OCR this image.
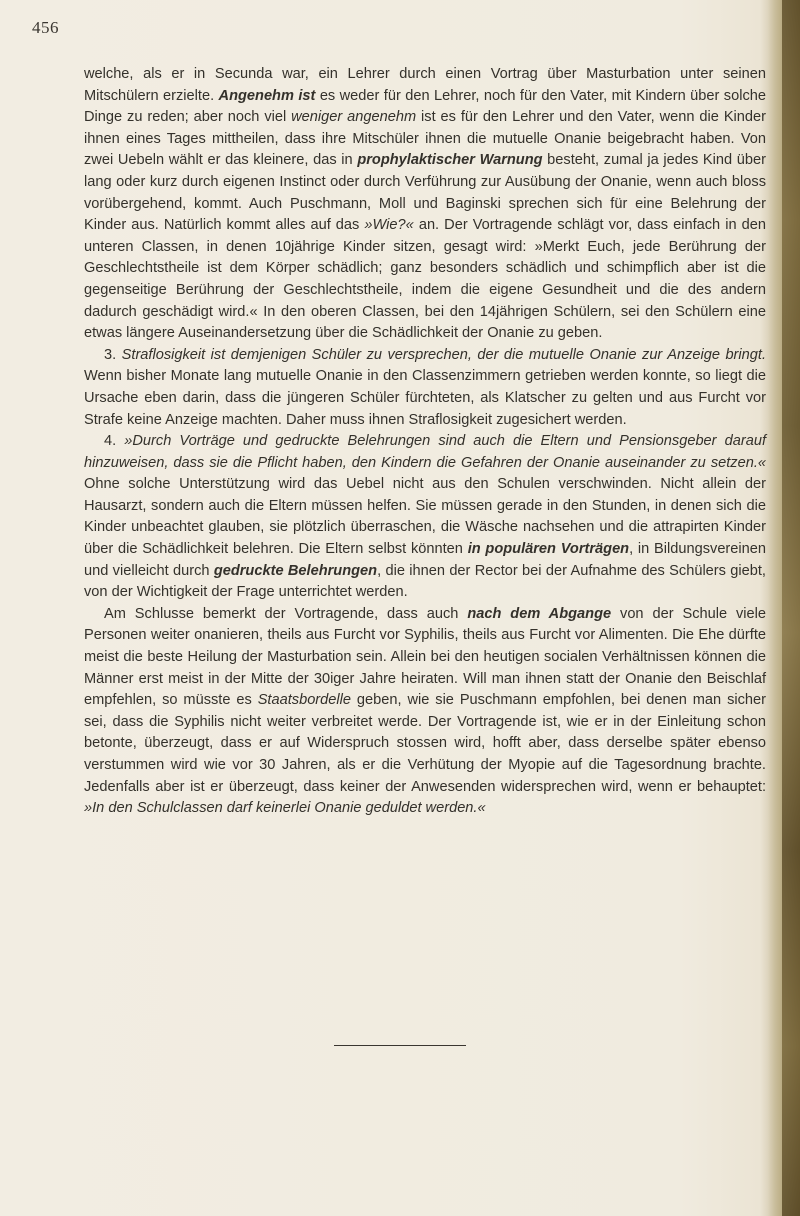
456

welche, als er in Secunda war, ein Lehrer durch einen Vortrag über Masturbation unter seinen Mitschülern erzielte. Angenehm ist es weder für den Lehrer, noch für den Vater, mit Kindern über solche Dinge zu reden; aber noch viel weniger angenehm ist es für den Lehrer und den Vater, wenn die Kinder ihnen eines Tages mittheilen, dass ihre Mitschüler ihnen die mutuelle Onanie beigebracht haben. Von zwei Uebeln wählt er das kleinere, das in prophylaktischer Warnung besteht, zumal ja jedes Kind über lang oder kurz durch eigenen Instinct oder durch Verführung zur Ausübung der Onanie, wenn auch bloss vorübergehend, kommt. Auch Puschmann, Moll und Baginski sprechen sich für eine Belehrung der Kinder aus. Natürlich kommt alles auf das »Wie?« an. Der Vortragende schlägt vor, dass einfach in den unteren Classen, in denen 10jährige Kinder sitzen, gesagt wird: »Merkt Euch, jede Berührung der Geschlechtstheile ist dem Körper schädlich; ganz besonders schädlich und schimpflich aber ist die gegenseitige Berührung der Geschlechtstheile, indem die eigene Gesundheit und die des andern dadurch geschädigt wird.« In den oberen Classen, bei den 14jährigen Schülern, sei den Schülern eine etwas längere Auseinandersetzung über die Schädlichkeit der Onanie zu geben.

3. Straflosigkeit ist demjenigen Schüler zu versprechen, der die mutuelle Onanie zur Anzeige bringt. Wenn bisher Monate lang mutuelle Onanie in den Classenzimmern getrieben werden konnte, so liegt die Ursache eben darin, dass die jüngeren Schüler fürchteten, als Klatscher zu gelten und aus Furcht vor Strafe keine Anzeige machten. Daher muss ihnen Straflosigkeit zugesichert werden.

4. »Durch Vorträge und gedruckte Belehrungen sind auch die Eltern und Pensionsgeber darauf hinzuweisen, dass sie die Pflicht haben, den Kindern die Gefahren der Onanie auseinander zu setzen.« Ohne solche Unterstützung wird das Uebel nicht aus den Schulen verschwinden. Nicht allein der Hausarzt, sondern auch die Eltern müssen helfen. Sie müssen gerade in den Stunden, in denen sich die Kinder unbeachtet glauben, sie plötzlich überraschen, die Wäsche nachsehen und die attrapirten Kinder über die Schädlichkeit belehren. Die Eltern selbst könnten in populären Vorträgen, in Bildungsvereinen und vielleicht durch gedruckte Belehrungen, die ihnen der Rector bei der Aufnahme des Schülers giebt, von der Wichtigkeit der Frage unterrichtet werden.

Am Schlusse bemerkt der Vortragende, dass auch nach dem Abgange von der Schule viele Personen weiter onanieren, theils aus Furcht vor Syphilis, theils aus Furcht vor Alimenten. Die Ehe dürfte meist die beste Heilung der Masturbation sein. Allein bei den heutigen socialen Verhältnissen können die Männer erst meist in der Mitte der 30iger Jahre heiraten. Will man ihnen statt der Onanie den Beischlaf empfehlen, so müsste es Staatsbordelle geben, wie sie Puschmann empfohlen, bei denen man sicher sei, dass die Syphilis nicht weiter verbreitet werde. Der Vortragende ist, wie er in der Einleitung schon betonte, überzeugt, dass er auf Widerspruch stossen wird, hofft aber, dass derselbe später ebenso verstummen wird wie vor 30 Jahren, als er die Verhütung der Myopie auf die Tagesordnung brachte. Jedenfalls aber ist er überzeugt, dass keiner der Anwesenden widersprechen wird, wenn er behauptet: »In den Schulclassen darf keinerlei Onanie geduldet werden.«
